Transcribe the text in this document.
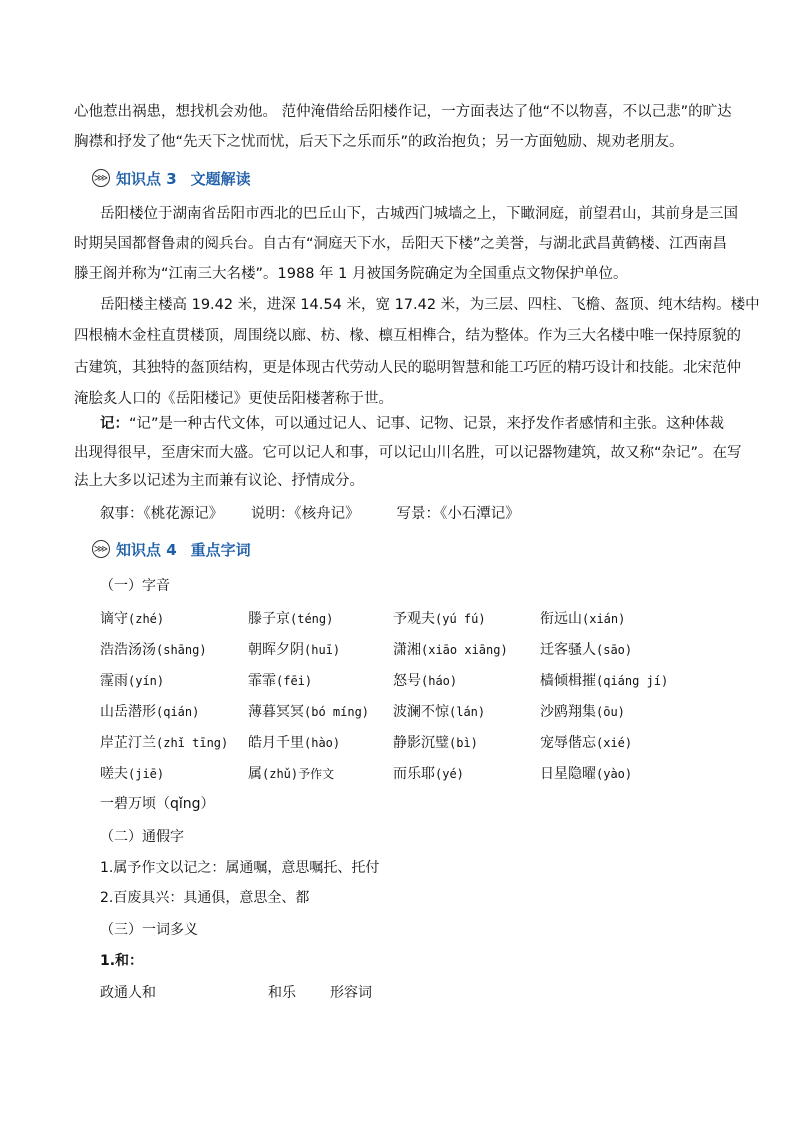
心他惹出祸患，想找机会劝他。 范仲淹借给岳阳楼作记，一方面表达了他“不以物喜，不以己悲”的旷达
胸襟和抒发了他“先天下之忧而忧，后天下之乐而乐”的政治抱负；另一方面勉励、规劝老朋友。
⋙ 知识点 3 文题解读
岳阳楼位于湖南省岳阳市西北的巴丘山下，古城西门城墙之上，下瞰洞庭，前望君山，其前身是三国
时期吴国都督鲁肃的阅兵台。自古有“洞庭天下水，岳阳天下楼”之美誉，与湖北武昌黄鹤楼、江西南昌
滕王阁并称为“江南三大名楼”。1988 年 1 月被国务院确定为全国重点文物保护单位。
岳阳楼主楼高 19.42 米，进深 14.54 米，宽 17.42 米，为三层、四柱、飞檐、盔顶、纯木结构。楼中
四根楠木金柱直贯楼顶，周围绕以廊、枋、椽、檩互相榫合，结为整体。作为三大名楼中唯一保持原貌的
古建筑，其独特的盔顶结构，更是体现古代劳动人民的聪明智慧和能工巧匠的精巧设计和技能。北宋范仲
淹脍炙人口的《岳阳楼记》更使岳阳楼著称于世。
记：“记”是一种古代文体，可以通过记人、记事、记物、记景，来抒发作者感情和主张。这种体裁
出现得很早，至唐宋而大盛。它可以记人和事，可以记山川名胜，可以记器物建筑，故又称“杂记”。在写
法上大多以记述为主而兼有议论、抒情成分。
叙事：《桃花源记》      说明：《核舟记》        写景：《小石潭记》
⋙ 知识点 4 重点字词
（一）字音
谪守(zhé)	滕子京(téng)	予观夫(yú fú)	衔远山(xián)
浩浩汤汤(shāng)	朝晖夕阴(huī)	潇湘(xiāo xiāng) 迁客骚人(sāo)
霪雨(yín)	霏霏(fēi)	怒号(háo)	樯倾楫摧(qiáng jí)
山岳潜形(qián)	薄暮冥冥(bó míng) 波澜不惊(lán)	沙鸥翔集(ōu)
岸芷汀兰(zhǐ tīng) 皓月千里(hào)	静影沉璧(bì)	宠辱偕忘(xié)
嗟夫(jiē)	属(zhǔ)予作文	而乐耶(yé)	日星隐曜(yào)
一碧万顷（qǐng）
（二）通假字
1.属予作文以记之：属通嘱，意思嘱托、托付
2.百废具兴：具通俱，意思全、都
（三）一词多义
1.和：
政通人和	和乐 形容词
